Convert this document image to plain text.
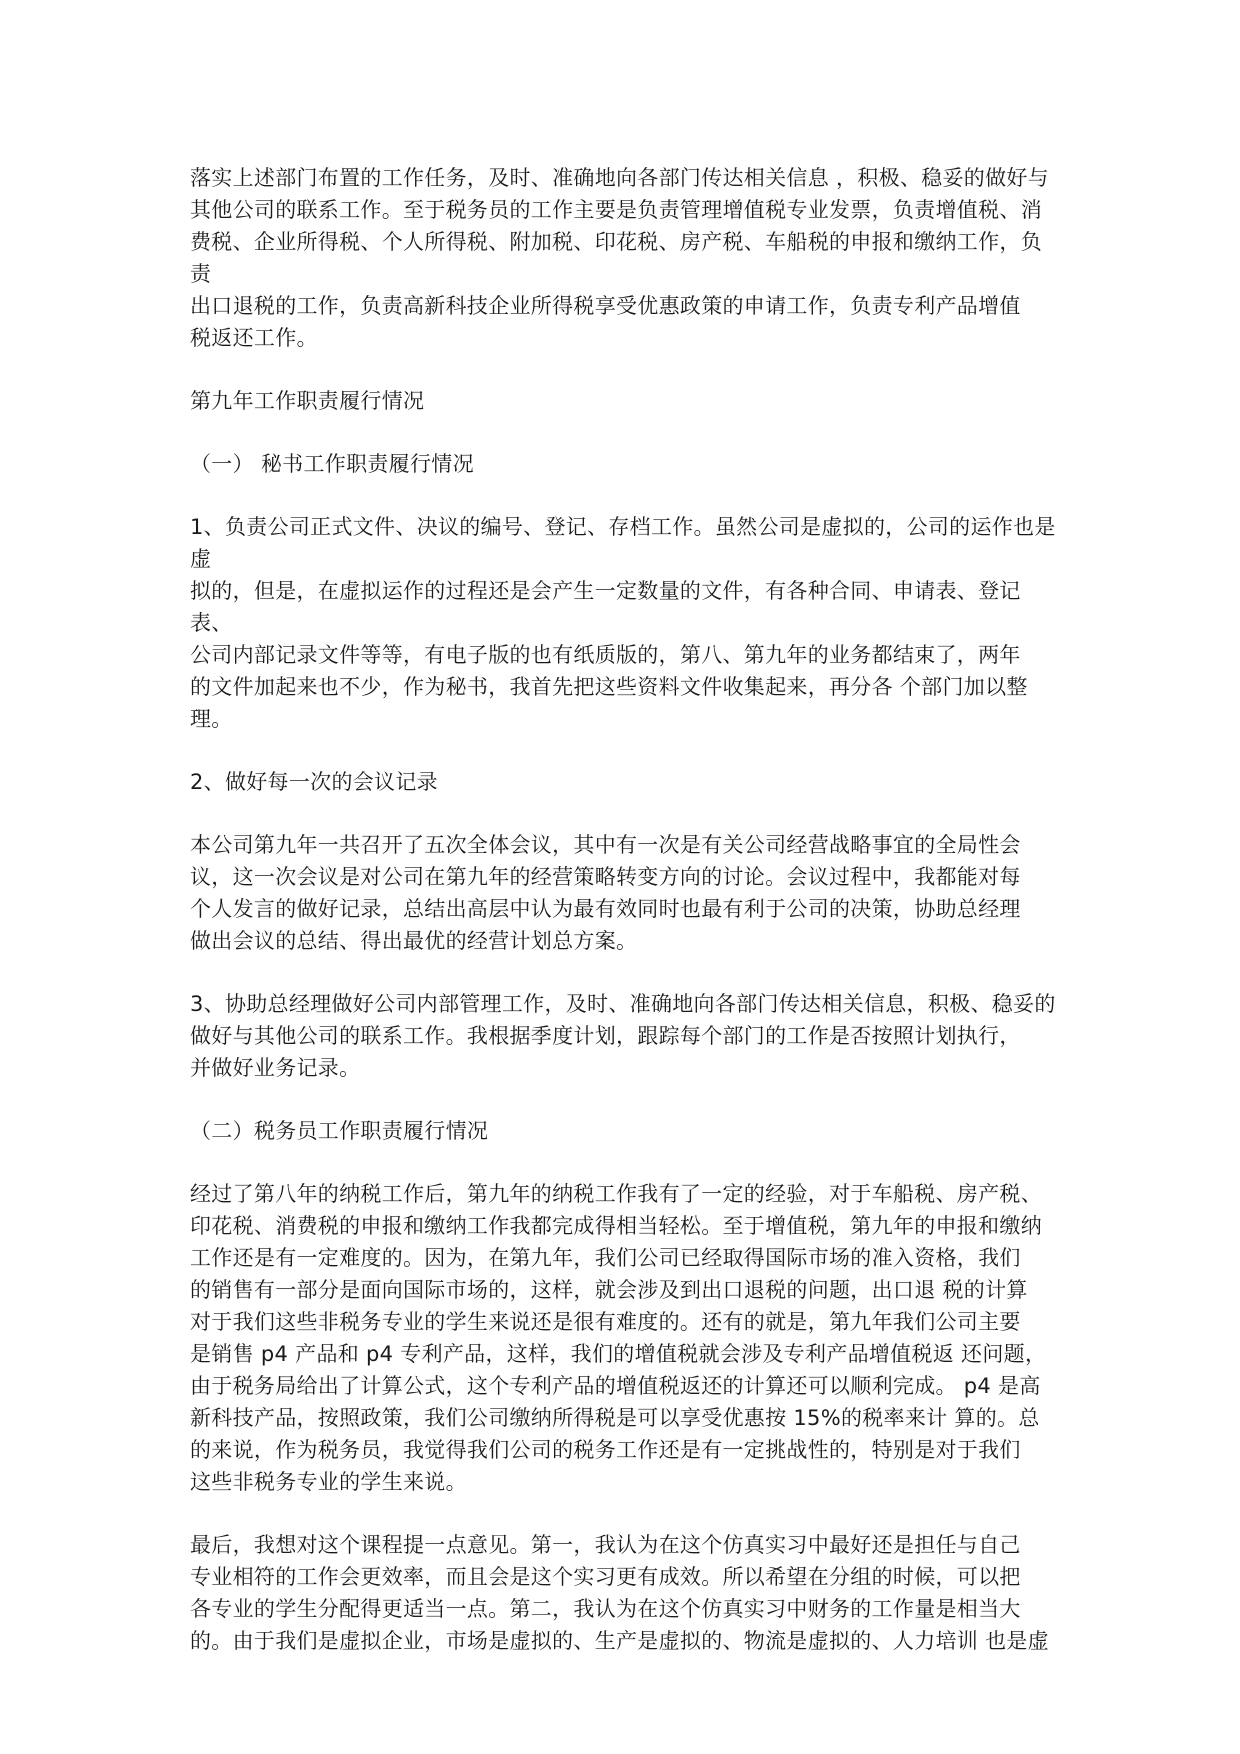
落实上述部门布置的工作任务，及时、准确地向各部门传达相关信息 ，积极、稳妥的做好与
其他公司的联系工作。至于税务员的工作主要是负责管理增值税专业发票，负责增值税、消
费税、企业所得税、个人所得税、附加税、印花税、房产税、车船税的申报和缴纳工作，负责
出口退税的工作，负责高新科技企业所得税享受优惠政策的申请工作，负责专利产品增值
税返还工作。
第九年工作职责履行情况
（一） 秘书工作职责履行情况
1、负责公司正式文件、决议的编号、登记、存档工作。虽然公司是虚拟的，公司的运作也是虚
拟的，但是，在虚拟运作的过程还是会产生一定数量的文件，有各种合同、申请表、登记表、
公司内部记录文件等等，有电子版的也有纸质版的，第八、第九年的业务都结束了，两年
的文件加起来也不少，作为秘书，我首先把这些资料文件收集起来，再分各 个部门加以整
理。
2、做好每一次的会议记录
本公司第九年一共召开了五次全体会议，其中有一次是有关公司经营战略事宜的全局性会
议，这一次会议是对公司在第九年的经营策略转变方向的讨论。会议过程中，我都能对每
个人发言的做好记录，总结出高层中认为最有效同时也最有利于公司的决策，协助总经理
做出会议的总结、得出最优的经营计划总方案。
3、协助总经理做好公司内部管理工作，及时、准确地向各部门传达相关信息，积极、稳妥的
做好与其他公司的联系工作。我根据季度计划，跟踪每个部门的工作是否按照计划执行，
并做好业务记录。
（二）税务员工作职责履行情况
经过了第八年的纳税工作后，第九年的纳税工作我有了一定的经验，对于车船税、房产税、
印花税、消费税的申报和缴纳工作我都完成得相当轻松。至于增值税，第九年的申报和缴纳
工作还是有一定难度的。因为，在第九年，我们公司已经取得国际市场的准入资格，我们
的销售有一部分是面向国际市场的，这样，就会涉及到出口退税的问题，出口退 税的计算
对于我们这些非税务专业的学生来说还是很有难度的。还有的就是，第九年我们公司主要
是销售 p4 产品和 p4 专利产品，这样，我们的增值税就会涉及专利产品增值税返 还问题，
由于税务局给出了计算公式，这个专利产品的增值税返还的计算还可以顺利完成。 p4 是高
新科技产品，按照政策，我们公司缴纳所得税是可以享受优惠按 15%的税率来计 算的。总
的来说，作为税务员，我觉得我们公司的税务工作还是有一定挑战性的，特别是对于我们
这些非税务专业的学生来说。
最后，我想对这个课程提一点意见。第一，我认为在这个仿真实习中最好还是担任与自己
专业相符的工作会更效率，而且会是这个实习更有成效。所以希望在分组的时候，可以把
各专业的学生分配得更适当一点。第二，我认为在这个仿真实习中财务的工作量是相当大
的。由于我们是虚拟企业，市场是虚拟的、生产是虚拟的、物流是虚拟的、人力培训 也是虚
